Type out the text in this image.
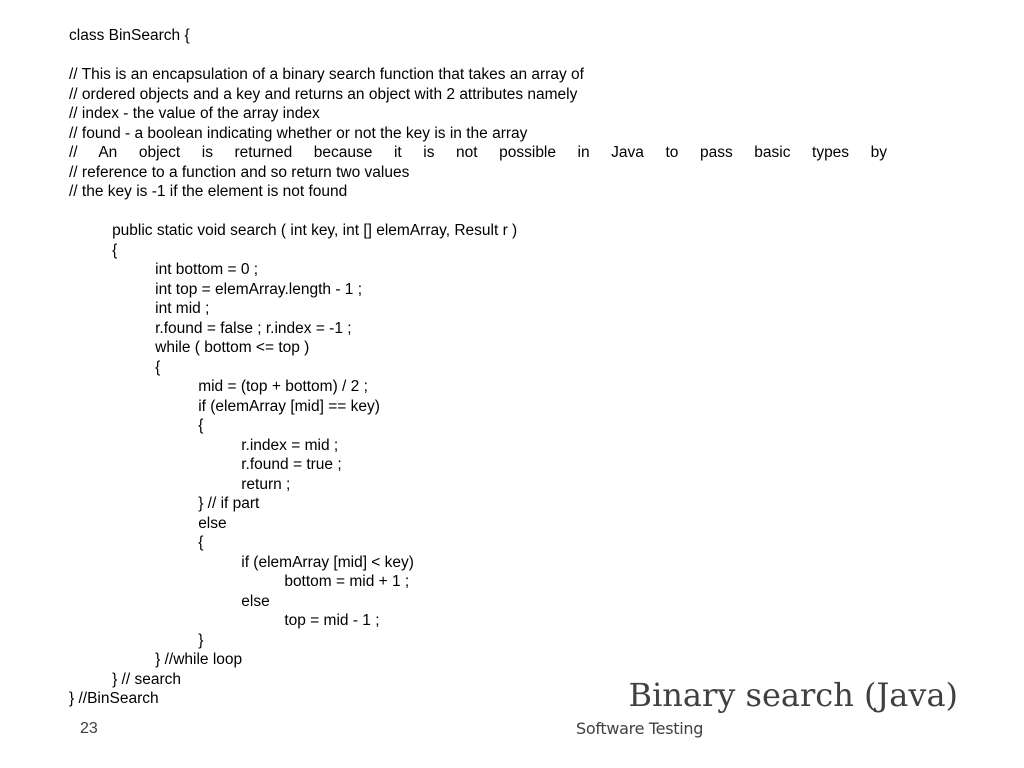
class BinSearch {
// This is an encapsulation of a binary search function that takes an array of
// ordered objects and a key and returns an object with 2 attributes namely
// index - the value of the array index
// found - a boolean indicating whether or not the key is in the array
// An object is returned because it is not possible in Java to pass basic types by
// reference to a function and so return two values
// the key is -1 if the element is not found
public static void search ( int key, int [] elemArray, Result r )
{
int bottom = 0 ;
int top = elemArray.length - 1 ;
int mid ;
r.found = false ; r.index = -1 ;
while ( bottom <= top )
{
mid = (top + bottom) / 2 ;
if (elemArray [mid] == key)
{
r.index = mid ;
r.found = true ;
return ;
} // if part
else
{
if (elemArray [mid] < key)
bottom = mid + 1 ;
else
top = mid - 1 ;
}
} //while loop
} // search
} //BinSearch	Binary search (Java)
23	Software Testing
